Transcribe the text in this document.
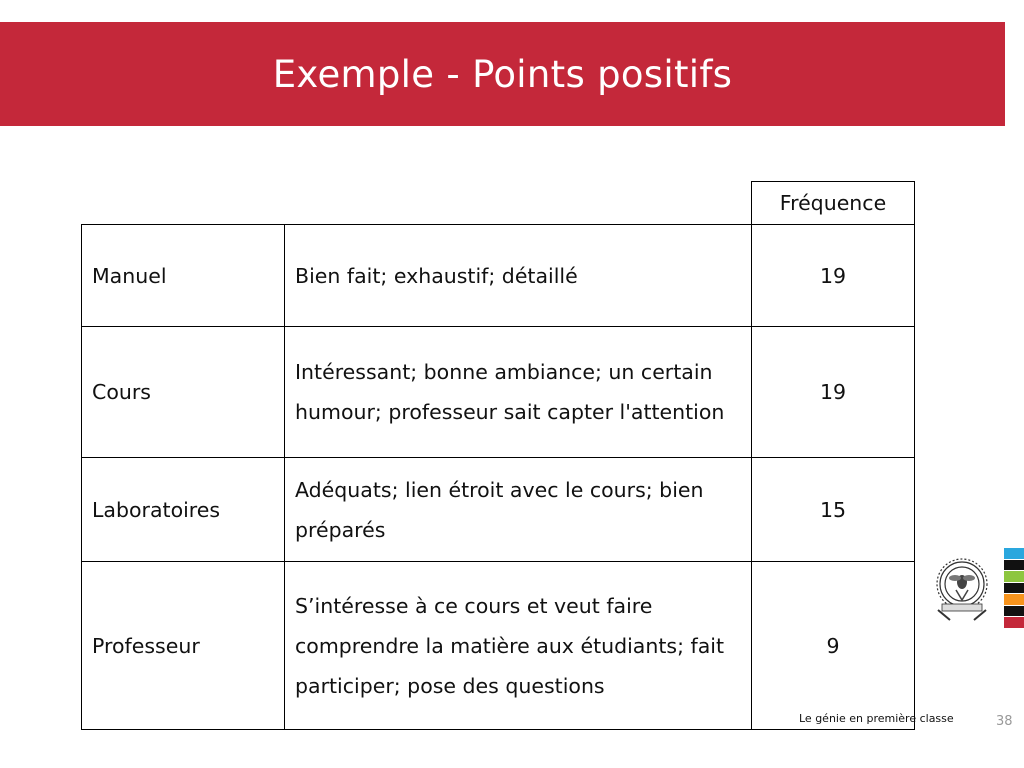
Exemple - Points positifs
		Fréquence
Manuel	Bien fait; exhaustif; détaillé	19
Cours	Intéressant; bonne ambiance; un certain humour; professeur sait capter l'attention	19
Laboratoires	Adéquats; lien étroit avec le cours; bien préparés	15
Professeur	S’intéresse à ce cours et veut faire comprendre la matière aux étudiants; fait participer; pose des questions	9
Le génie en première classe	38
